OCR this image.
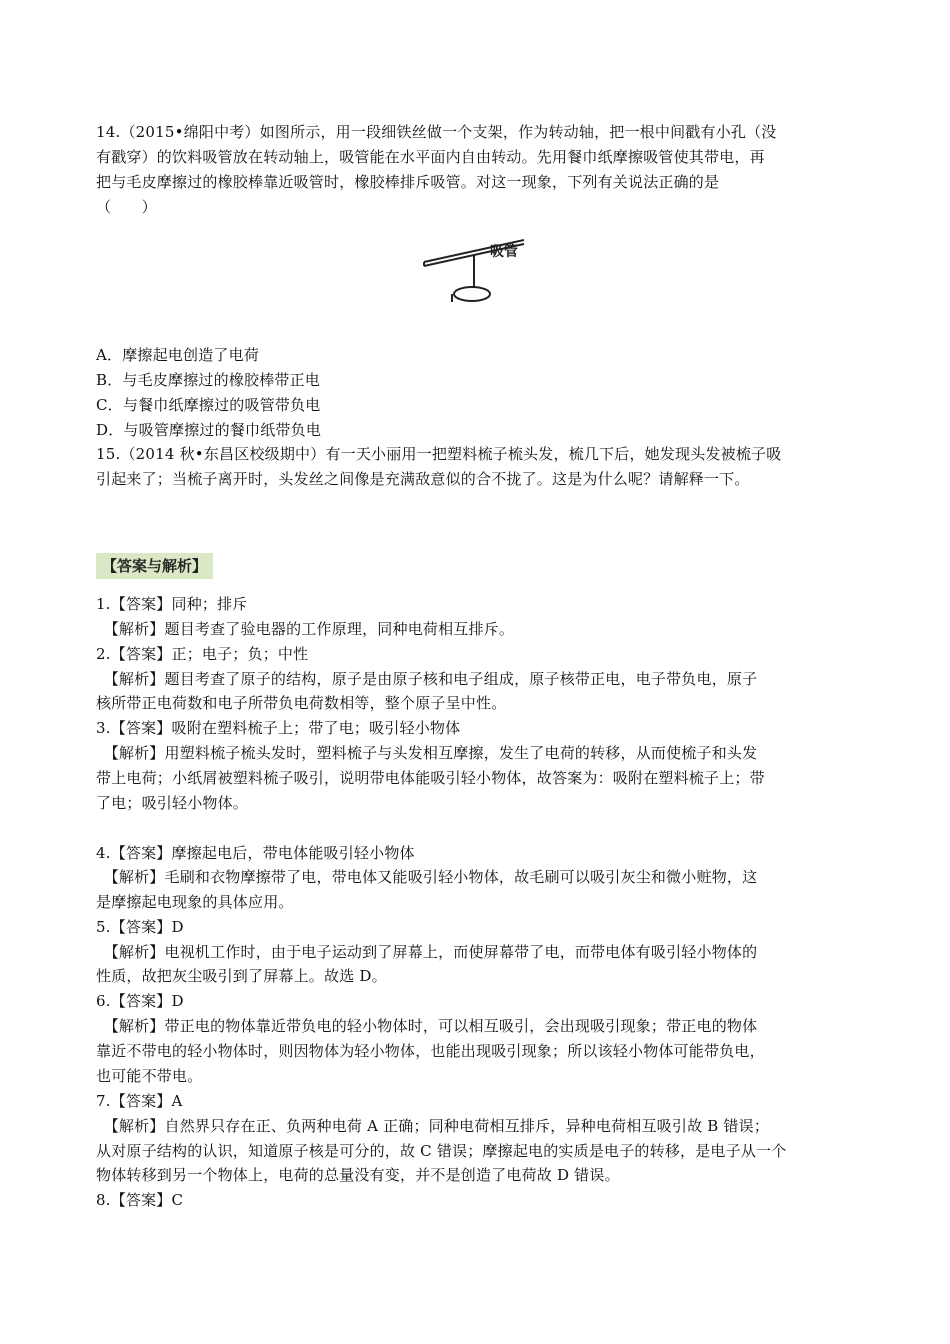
14.（2015•绵阳中考）如图所示，用一段细铁丝做一个支架，作为转动轴，把一根中间戳有小孔（没
有戳穿）的饮料吸管放在转动轴上，吸管能在水平面内自由转动。先用餐巾纸摩擦吸管使其带电，再
把与毛皮摩擦过的橡胶棒靠近吸管时，橡胶棒排斥吸管。对这一现象，下列有关说法正确的是
（　　）
吸管
A．摩擦起电创造了电荷
B．与毛皮摩擦过的橡胶棒带正电
C．与餐巾纸摩擦过的吸管带负电
D．与吸管摩擦过的餐巾纸带负电
15.（2014 秋•东昌区校级期中）有一天小丽用一把塑料梳子梳头发，梳几下后，她发现头发被梳子吸
引起来了；当梳子离开时，头发丝之间像是充满敌意似的合不拢了。这是为什么呢？请解释一下。
【答案与解析】
1.【答案】同种；排斥
　【解析】题目考查了验电器的工作原理，同种电荷相互排斥。
2.【答案】正；电子；负；中性
　【解析】题目考查了原子的结构，原子是由原子核和电子组成，原子核带正电，电子带负电，原子
核所带正电荷数和电子所带负电荷数相等，整个原子呈中性。
3.【答案】吸附在塑料梳子上；带了电；吸引轻小物体
　【解析】用塑料梳子梳头发时，塑料梳子与头发相互摩擦，发生了电荷的转移，从而使梳子和头发
带上电荷；小纸屑被塑料梳子吸引，说明带电体能吸引轻小物体，故答案为：吸附在塑料梳子上；带
了电；吸引轻小物体。
4.【答案】摩擦起电后，带电体能吸引轻小物体
　【解析】毛刷和衣物摩擦带了电，带电体又能吸引轻小物体，故毛刷可以吸引灰尘和微小赃物，这
是摩擦起电现象的具体应用。
5.【答案】D
　【解析】电视机工作时，由于电子运动到了屏幕上，而使屏幕带了电，而带电体有吸引轻小物体的
性质，故把灰尘吸引到了屏幕上。故选 D。
6.【答案】D
　【解析】带正电的物体靠近带负电的轻小物体时，可以相互吸引，会出现吸引现象；带正电的物体
靠近不带电的轻小物体时，则因物体为轻小物体，也能出现吸引现象；所以该轻小物体可能带负电，
也可能不带电。
7.【答案】A
　【解析】自然界只存在正、负两种电荷 A 正确；同种电荷相互排斥，异种电荷相互吸引故 B 错误；
从对原子结构的认识，知道原子核是可分的，故 C 错误；摩擦起电的实质是电子的转移，是电子从一个
物体转移到另一个物体上，电荷的总量没有变，并不是创造了电荷故 D 错误。
8.【答案】C
